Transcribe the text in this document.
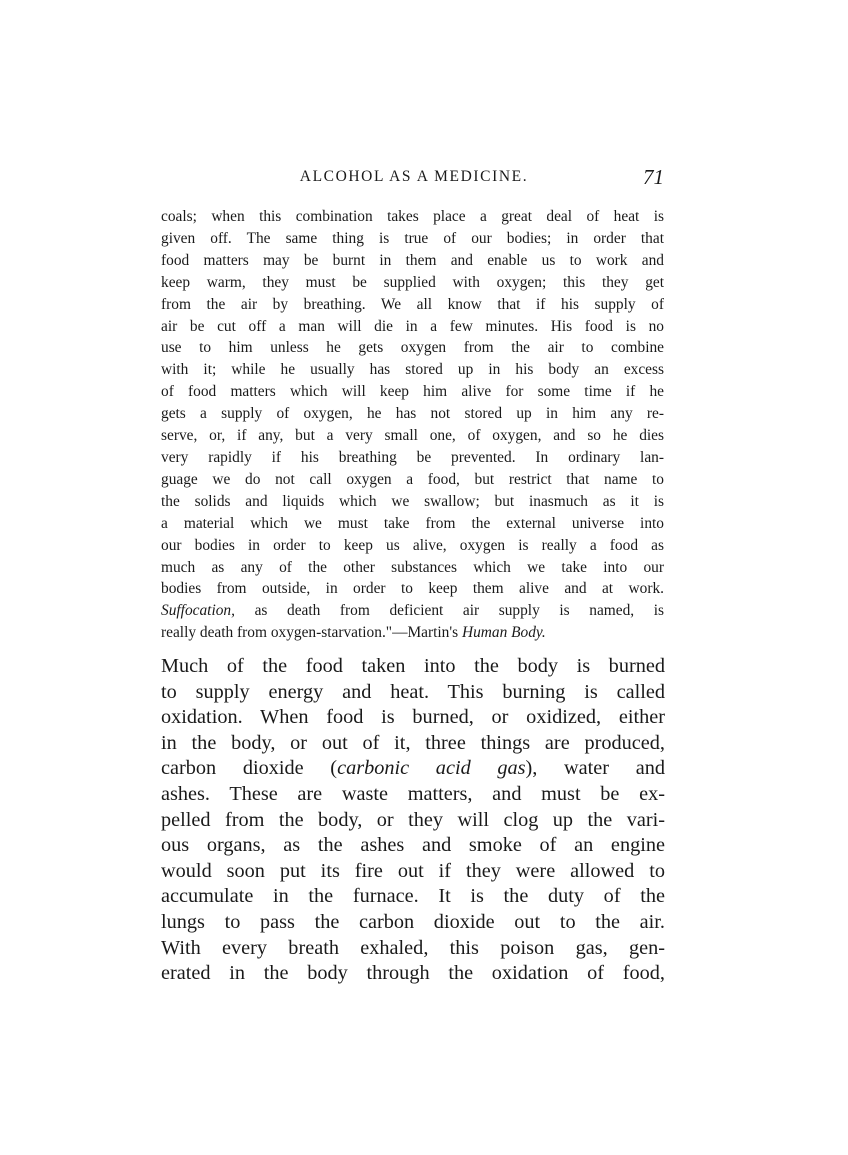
ALCOHOL AS A MEDICINE.	71
coals; when this combination takes place a great deal of heat is
given off. The same thing is true of our bodies; in order that
food matters may be burnt in them and enable us to work and
keep warm, they must be supplied with oxygen; this they get
from the air by breathing. We all know that if his supply of
air be cut off a man will die in a few minutes. His food is no
use to him unless he gets oxygen from the air to combine
with it; while he usually has stored up in his body an excess
of food matters which will keep him alive for some time if he
gets a supply of oxygen, he has not stored up in him any re-
serve, or, if any, but a very small one, of oxygen, and so he dies
very rapidly if his breathing be prevented. In ordinary lan-
guage we do not call oxygen a food, but restrict that name to
the solids and liquids which we swallow; but inasmuch as it is
a material which we must take from the external universe into
our bodies in order to keep us alive, oxygen is really a food as
much as any of the other substances which we take into our
bodies from outside, in order to keep them alive and at work.
Suffocation, as death from deficient air supply is named, is
really death from oxygen-starvation."—Martin's Human Body.
Much of the food taken into the body is burned
to supply energy and heat. This burning is called
oxidation. When food is burned, or oxidized, either
in the body, or out of it, three things are produced,
carbon dioxide (carbonic acid gas), water and
ashes. These are waste matters, and must be ex-
pelled from the body, or they will clog up the vari-
ous organs, as the ashes and smoke of an engine
would soon put its fire out if they were allowed to
accumulate in the furnace. It is the duty of the
lungs to pass the carbon dioxide out to the air.
With every breath exhaled, this poison gas, gen-
erated in the body through the oxidation of food,
